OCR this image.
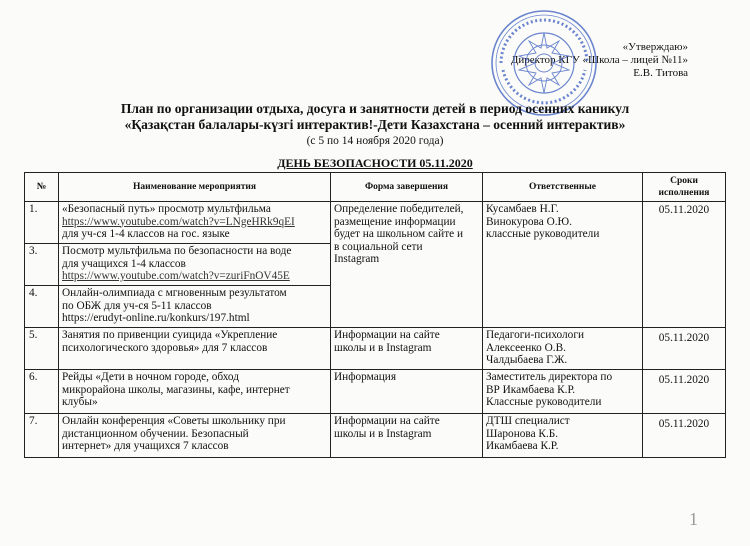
«Утверждаю»
Директор КГУ «Школа – лицей №11»
Е.В. Титова
План по организации отдыха, досуга и занятности детей в период осенних каникул
«Қазақстан балалары-күзгі интерактив!-Дети Казахстана – осенний интерактив»
(с 5 по 14 ноября 2020 года)
ДЕНЬ БЕЗОПАСНОСТИ 05.11.2020
№	Наименование мероприятия	Форма завершения	Ответственные	Сроки
исполнения

1.	«Безопасный путь» просмотр мультфильма
https://www.youtube.com/watch?v=LNgeHRk9qEI
для уч-ся 1-4 классов на гос. языке	Определение победителей,
размещение информации
будет на школьном сайте и
в социальной сети
Instagram	Кусамбаев Н.Г.
Винокурова О.Ю.
классные руководители	05.11.2020
3.	Посмотр мультфильма по безопасности на воде
для учащихся 1-4 классов
https://www.youtube.com/watch?v=zuriFnOV45E			

4.	Онлайн-олимпиада с мгновенным результатом
по ОБЖ для уч-ся 5-11 классов
https://erudyt-online.ru/konkurs/197.html			

5.	Занятия по привенции суицида «Укрепление
психологического здоровья» для 7 классов	Информации на сайте
школы и в Instagram	Педагоги-психологи
Алексеенко О.В.
Чалдыбаева Г.Ж.	05.11.2020
6.	Рейды «Дети в ночном городе, обход
микрорайона школы, магазины, кафе, интернет
клубы»	Информация	Заместитель директора по
ВР Икамбаева К.Р.
Классные руководители	05.11.2020
7.	Онлайн конференция «Советы школьнику при
дистанционном обучении. Безопасный
интернет» для учащихся 7 классов	Информации на сайте
школы и в Instagram	ДТШ специалист
Шаронова К.Б.
Икамбаева К.Р.	05.11.2020
1
